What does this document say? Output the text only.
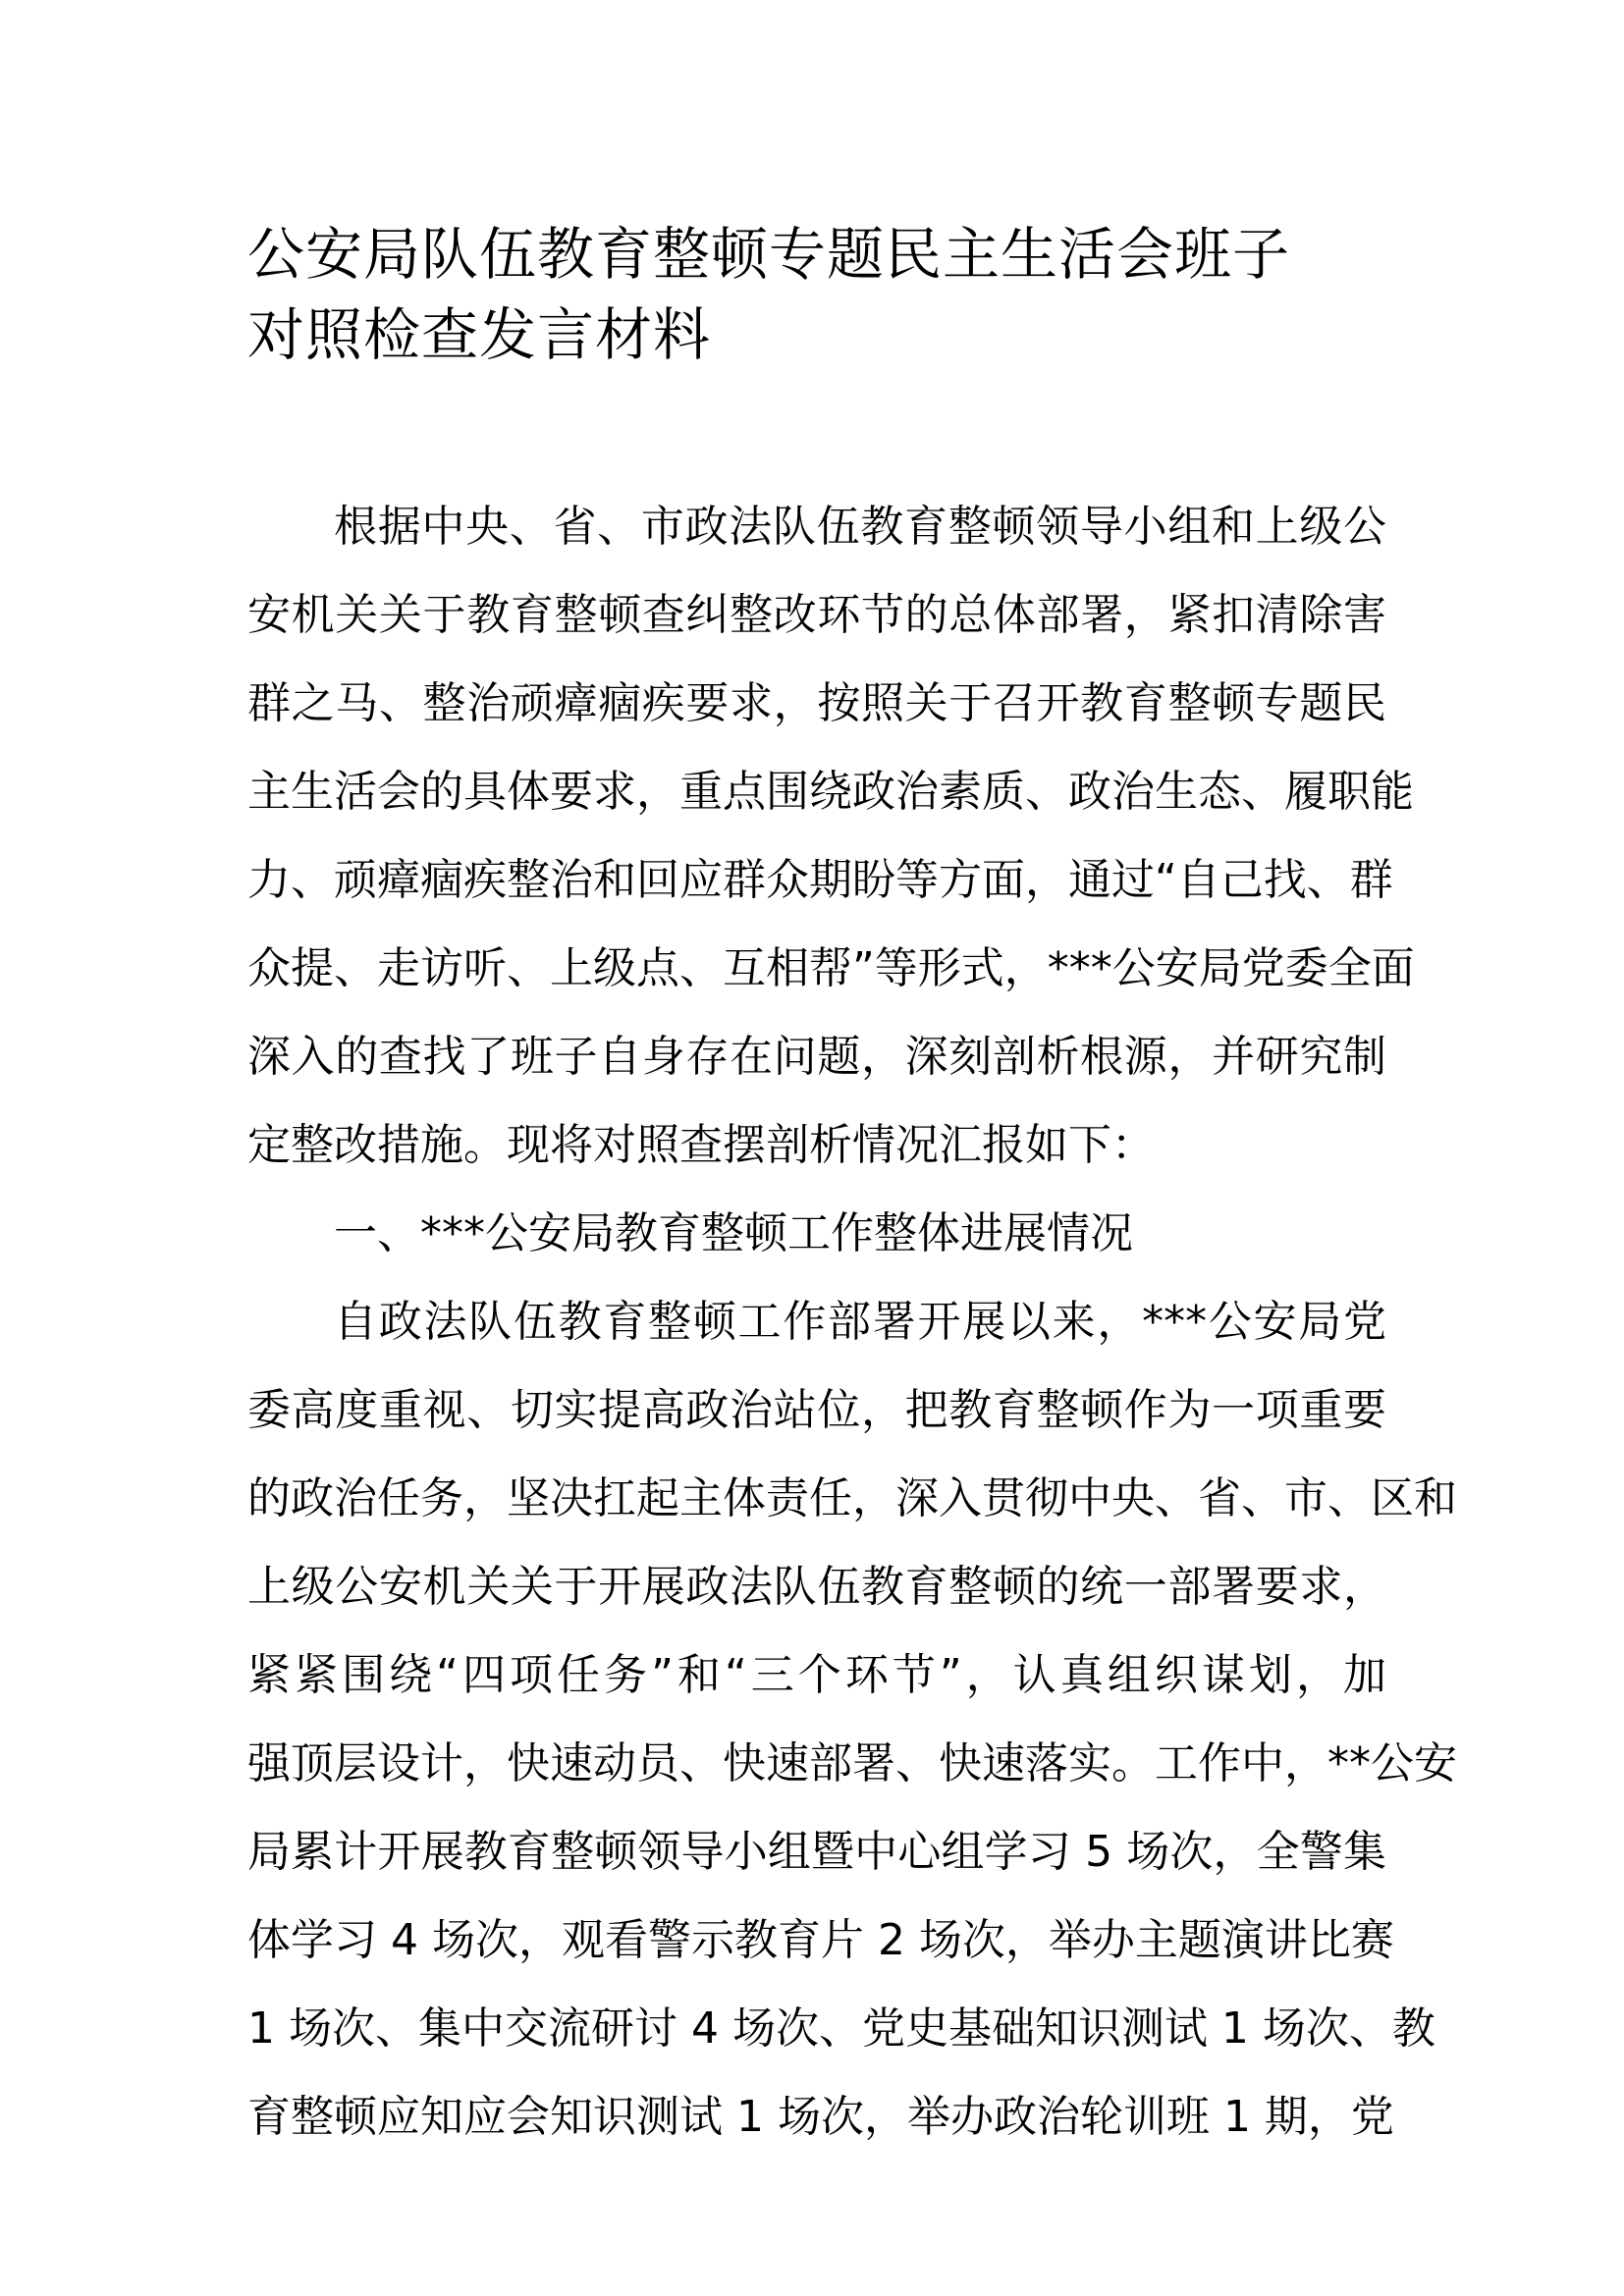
公安局队伍教育整顿专题民主生活会班子
对照检查发言材料
根据中央、省、市政法队伍教育整顿领导小组和上级公
安机关关于教育整顿查纠整改环节的总体部署，紧扣清除害
群之马、整治顽瘴痼疾要求，按照关于召开教育整顿专题民
主生活会的具体要求，重点围绕政治素质、政治生态、履职能
力、顽瘴痼疾整治和回应群众期盼等方面，通过“自己找、群
众提、走访听、上级点、互相帮”等形式，***公安局党委全面
深入的查找了班子自身存在问题，深刻剖析根源，并研究制
定整改措施。现将对照查摆剖析情况汇报如下：
一、***公安局教育整顿工作整体进展情况
自政法队伍教育整顿工作部署开展以来，***公安局党
委高度重视、切实提高政治站位，把教育整顿作为一项重要
的政治任务，坚决扛起主体责任，深入贯彻中央、省、市、区和
上级公安机关关于开展政法队伍教育整顿的统一部署要求，
紧紧围绕“四项任务”和“三个环节”，认真组织谋划，加
强顶层设计，快速动员、快速部署、快速落实。工作中，**公安
局累计开展教育整顿领导小组暨中心组学习 5 场次，全警集
体学习 4 场次，观看警示教育片 2 场次，举办主题演讲比赛
1 场次、集中交流研讨 4 场次、党史基础知识测试 1 场次、教
育整顿应知应会知识测试 1 场次，举办政治轮训班 1 期，党
